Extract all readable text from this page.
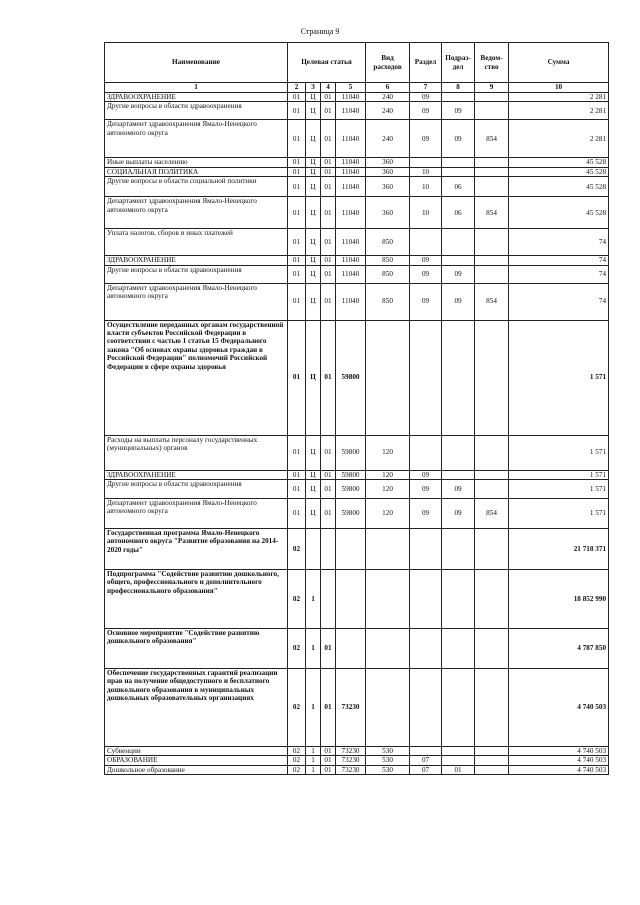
Страница 9
Наименование	Целевая статья				Вид расходов	Раздел	Подраз- дел	Ведом- ство	Сумма
1	2	3	4	5	6	7	8	9	10
ЗДРАВООХРАНЕНИЕ	01	Ц	01	11040	240	09			2 281
Другие вопросы в области здравоохранения	01	Ц	01	11040	240	09	09		2 281
Департамент здравоохранения Ямало-Ненецкого автономного округа	01	Ц	01	11040	240	09	09	854	2 281
Иные выплаты населению	01	Ц	01	11040	360				45 528
СОЦИАЛЬНАЯ ПОЛИТИКА	01	Ц	01	11040	360	10			45 528
Другие вопросы в области социальной политики	01	Ц	01	11040	360	10	06		45 528
Департамент здравоохранения Ямало-Ненецкого автономного округа	01	Ц	01	11040	360	10	06	854	45 528
Уплата налогов, сборов и иных платежей	01	Ц	01	11040	850				74
ЗДРАВООХРАНЕНИЕ	01	Ц	01	11040	850	09			74
Другие вопросы в области здравоохранения	01	Ц	01	11040	850	09	09		74
Департамент здравоохранения Ямало-Ненецкого автономного округа	01	Ц	01	11040	850	09	09	854	74
Осуществление переданных органам государственной власти субъектов Российской Федерации в соответствии с частью 1 статьи 15 Федерального закона "Об основах охраны здоровья граждан в Российской Федерации" полномочий Российской Федерации в сфере охраны здоровья	01	Ц	01	59800					1 571
Расходы на выплаты персоналу государственных (муниципальных) органов	01	Ц	01	59800	120				1 571
ЗДРАВООХРАНЕНИЕ	01	Ц	01	59800	120	09			1 571
Другие вопросы в области здравоохранения	01	Ц	01	59800	120	09	09		1 571
Департамент здравоохранения Ямало-Ненецкого автономного округа	01	Ц	01	59800	120	09	09	854	1 571
Государственная программа Ямало-Ненецкого автономного округа "Развитие образования на 2014-2020 годы"	02								21 718 371
Подпрограмма "Содействие развитию дошкольного, общего, профессионального и дополнительного профессионального образования"	02	1							18 852 990
Основное мероприятие "Содействие развитию дошкольного образования"	02	1	01						4 787 850
Обеспечение государственных гарантий реализации прав на получение общедоступного и бесплатного дошкольного образования в муниципальных дошкольных образовательных организациях	02	1	01	73230					4 740 503
Субвенции	02	1	01	73230	530				4 740 503
ОБРАЗОВАНИЕ	02	1	01	73230	530	07			4 740 503
Дошкольное образование	02	1	01	73230	530	07	01		4 740 503
